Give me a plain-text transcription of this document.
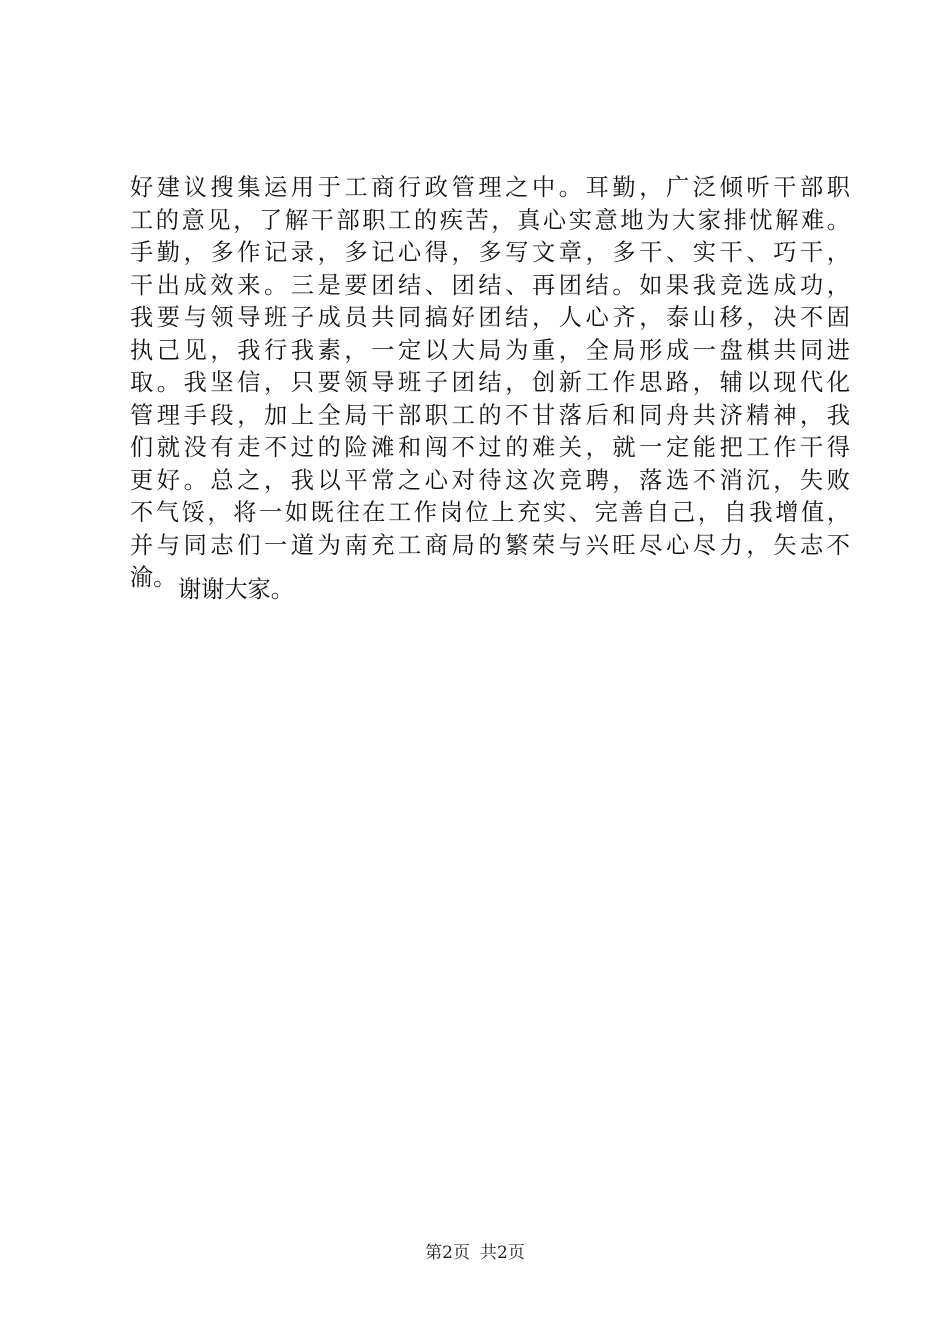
好建议搜集运用于工商行政管理之中。耳勤，广泛倾听干部职
工的意见，了解干部职工的疾苦，真心实意地为大家排忧解难。
手勤，多作记录，多记心得，多写文章，多干、实干、巧干，
干出成效来。三是要团结、团结、再团结。如果我竞选成功，
我要与领导班子成员共同搞好团结，人心齐，泰山移，决不固
执己见，我行我素，一定以大局为重，全局形成一盘棋共同进
取。我坚信，只要领导班子团结，创新工作思路，辅以现代化
管理手段，加上全局干部职工的不甘落后和同舟共济精神，我
们就没有走不过的险滩和闯不过的难关，就一定能把工作干得
更好。总之，我以平常之心对待这次竞聘，落选不消沉，失败
不气馁，将一如既往在工作岗位上充实、完善自己，自我增值，
并与同志们一道为南充工商局的繁荣与兴旺尽心尽力，矢志不
渝。 谢谢大家。

第2页 共2页
